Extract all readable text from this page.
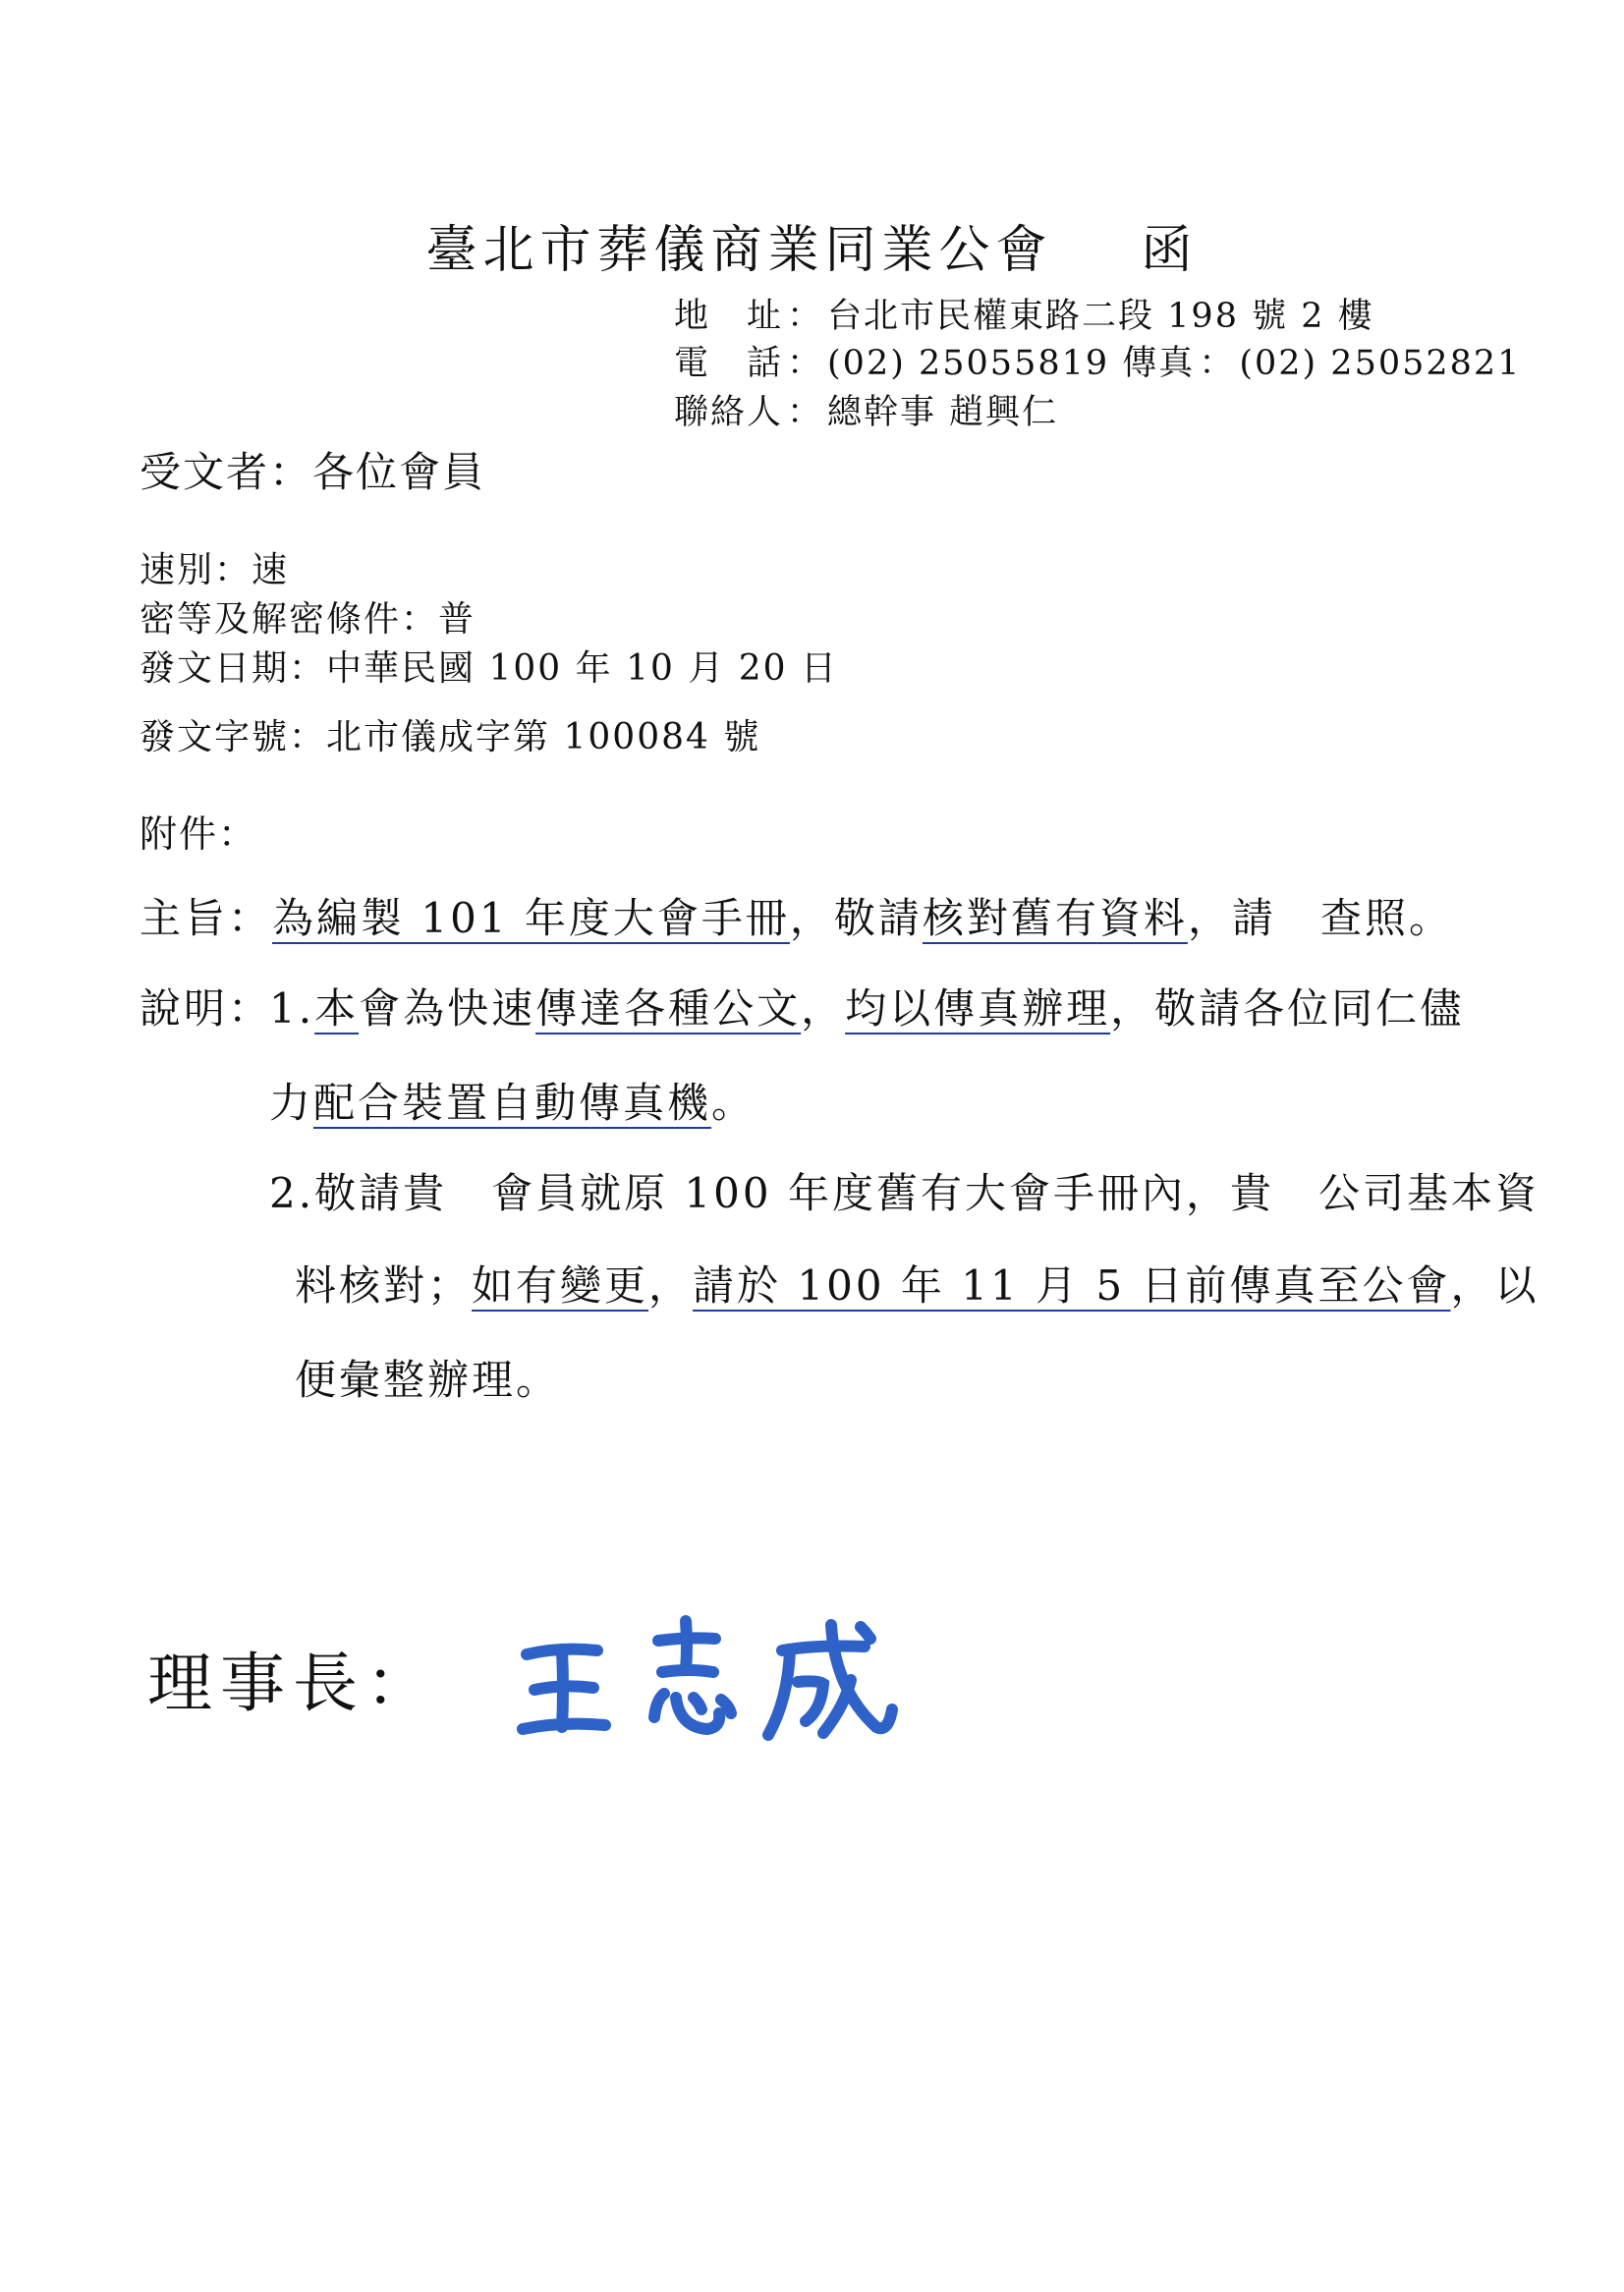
臺北市葬儀商業同業公會 函
地　址 ： 台北市民權東路二段 198 號 2 樓
電　話 ： (02) 25055819 傳真 ： (02) 25052821
聯絡人 ： 總幹事 趙興仁
受文者：各位會員
速別：速
密等及解密條件：普
發文日期：中華民國 100 年 10 月 20 日
發文字號：北市儀成字第 100084 號
附件：
主旨：為編製 101 年度大會手冊，敬請核對舊有資料，請　查照。
說明：
1.本會為快速傳達各種公文，均以傳真辦理，敬請各位同仁儘
力配合裝置自動傳真機。
2.敬請貴　會員就原 100 年度舊有大會手冊內，貴　公司基本資
料核對；如有變更，請於 100 年 11 月 5 日前傳真至公會，以
便彙整辦理。
理事長：
